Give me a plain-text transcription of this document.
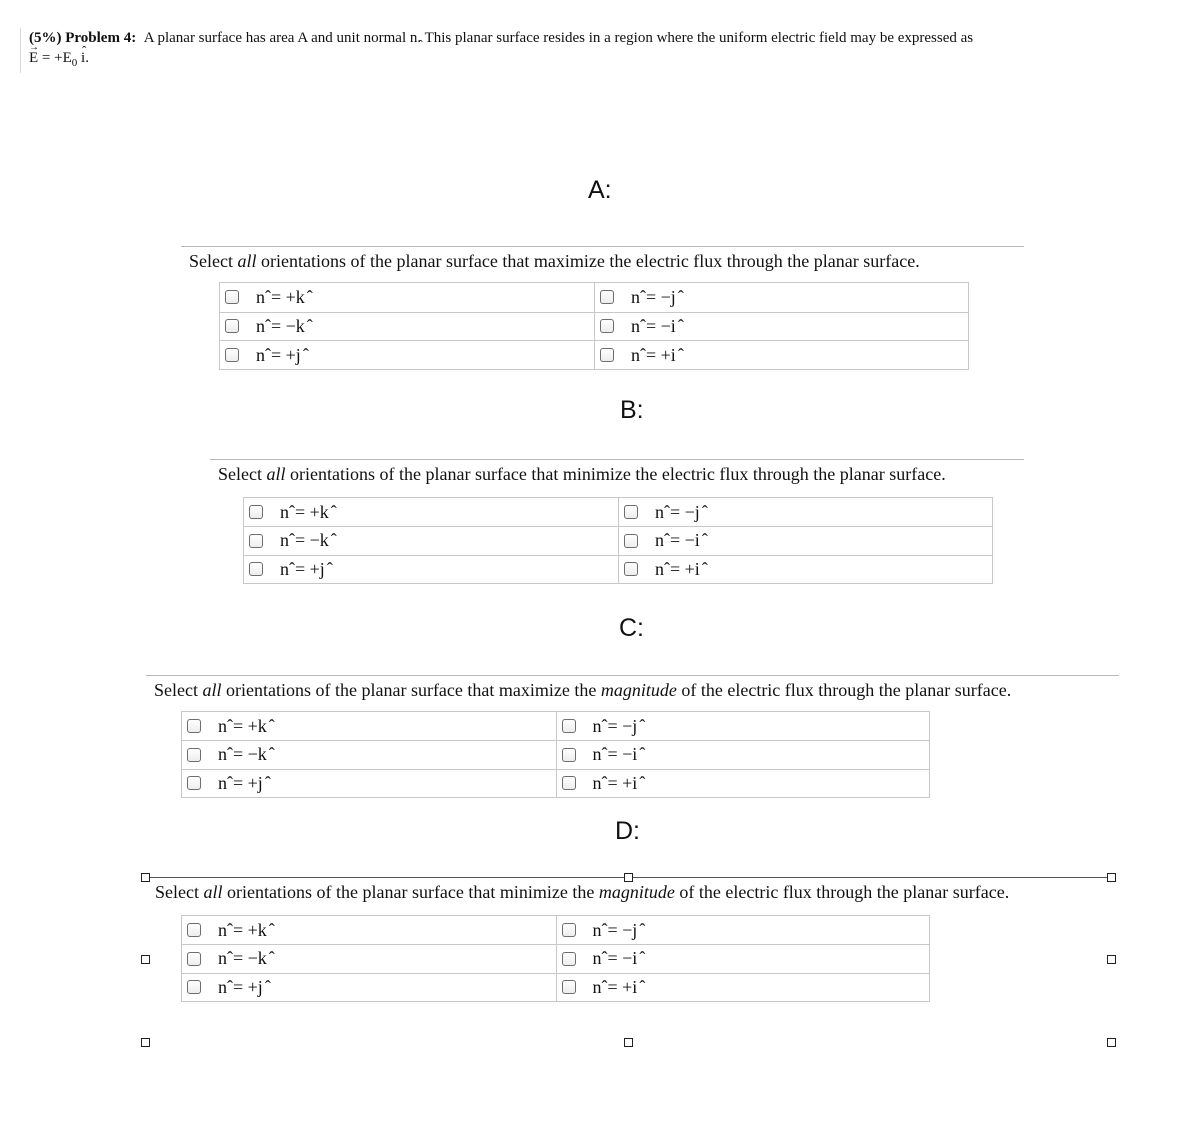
(5%) Problem 4: A planar surface has area A and unit normal n. This planar surface resides in a region where the uniform electric field may be expressed as
→ $E = +E_0$ i ˆ.
A:
Select all orientations of the planar surface that maximize the electric flux through the planar surface.
nˆ= +k ˆ	nˆ= −j ˆ
nˆ= −k ˆ	nˆ= −i ˆ
nˆ= +j ˆ	nˆ= +i ˆ
B:
Select all orientations of the planar surface that minimize the electric flux through the planar surface.
nˆ= +k ˆ	nˆ= −j ˆ
nˆ= −k ˆ	nˆ= −i ˆ
nˆ= +j ˆ	nˆ= +i ˆ
C:
Select all orientations of the planar surface that maximize the magnitude of the electric flux through the planar surface.
nˆ= +k ˆ	nˆ= −j ˆ
nˆ= −k ˆ	nˆ= −i ˆ
nˆ= +j ˆ	nˆ= +i ˆ
D:
Select all orientations of the planar surface that minimize the magnitude of the electric flux through the planar surface.
nˆ= +k ˆ	nˆ= −j ˆ
nˆ= −k ˆ	nˆ= −i ˆ
nˆ= +j ˆ	nˆ= +i ˆ
